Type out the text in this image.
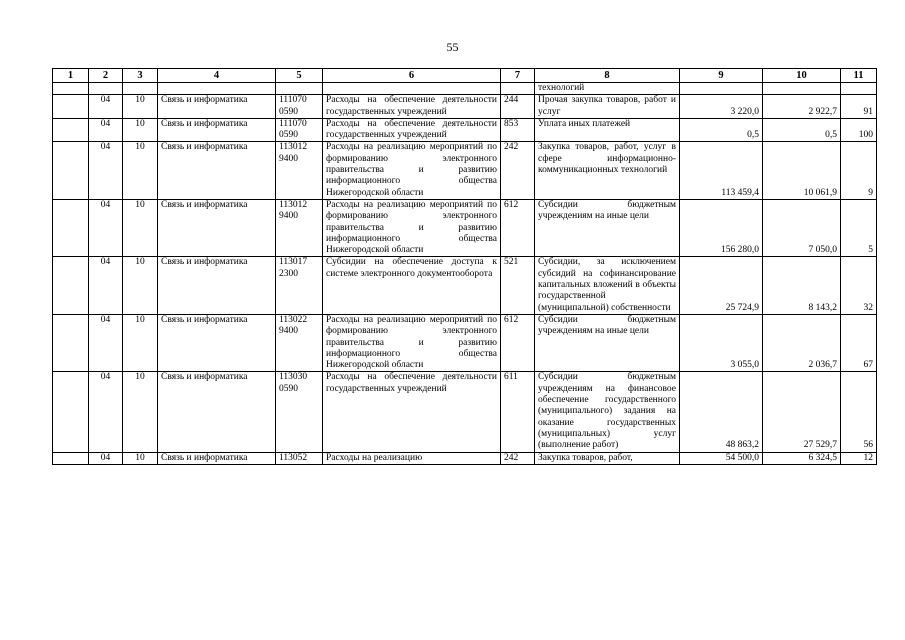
55
1	2	3	4	5	6	7	8	9	10	11
							технологий			
	04	10	Связь и информатика	111070 0590	Расходы на обеспечение деятельности государственных учреждений	244	Прочая закупка товаров, работ и услуг	3 220,0	2 922,7	91
	04	10	Связь и информатика	111070 0590	Расходы на обеспечение деятельности государственных учреждений	853	Уплата иных платежей	0,5	0,5	100
	04	10	Связь и информатика	113012 9400	Расходы на реализацию мероприятий по формированию электронного правительства и развитию информационного общества Нижегородской области	242	Закупка товаров, работ, услуг в сфере информационно-коммуникационных технологий	113 459,4	10 061,9	9
	04	10	Связь и информатика	113012 9400	Расходы на реализацию мероприятий по формированию электронного правительства и развитию информационного общества Нижегородской области	612	Субсидии бюджетным учреждениям на иные цели	156 280,0	7 050,0	5
	04	10	Связь и информатика	113017 2300	Субсидии на обеспечение доступа к системе электронного документооборота	521	Субсидии, за исключением субсидий на софинансирование капитальных вложений в объекты государственной (муниципальной) собственности	25 724,9	8 143,2	32
	04	10	Связь и информатика	113022 9400	Расходы на реализацию мероприятий по формированию электронного правительства и развитию информационного общества Нижегородской области	612	Субсидии бюджетным учреждениям на иные цели	3 055,0	2 036,7	67
	04	10	Связь и информатика	113030 0590	Расходы на обеспечение деятельности государственных учреждений	611	Субсидии бюджетным учреждениям на финансовое обеспечение государственного (муниципального) задания на оказание государственных (муниципальных) услуг (выполнение работ)	48 863,2	27 529,7	56
	04	10	Связь и информатика	113052	Расходы на реализацию	242	Закупка товаров, работ,	54 500,0	6 324,5	12
